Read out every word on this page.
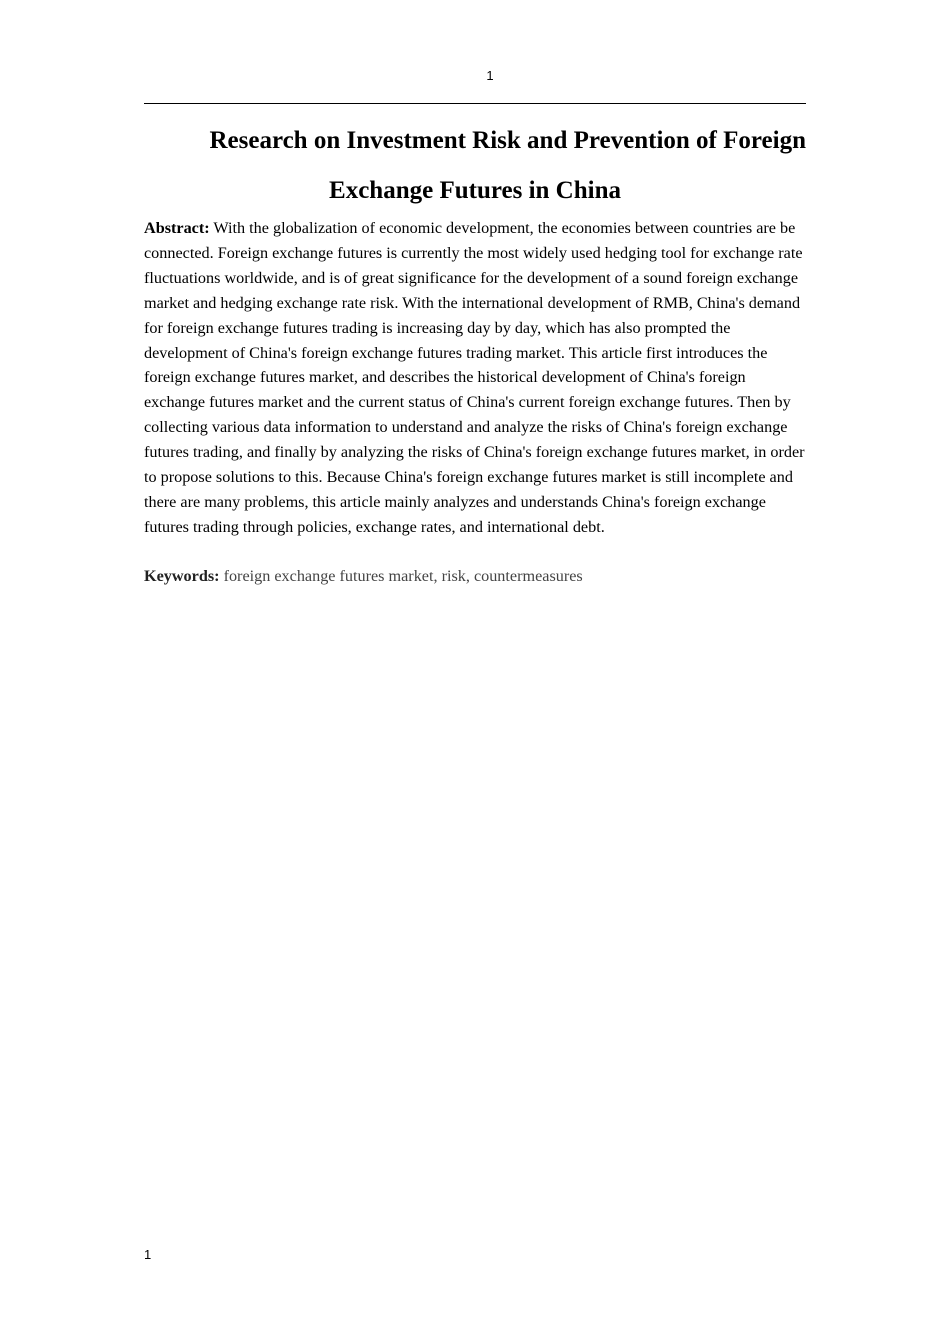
1
Research on Investment Risk and Prevention of Foreign
Exchange Futures in China

Abstract: With the globalization of economic development, the economies between countries are be connected. Foreign exchange futures is currently the most widely used hedging tool for exchange rate fluctuations worldwide, and is of great significance for the development of a sound foreign exchange market and hedging exchange rate risk. With the international development of RMB, China's demand for foreign exchange futures trading is increasing day by day, which has also prompted the development of China's foreign exchange futures trading market. This article first introduces the foreign exchange futures market, and describes the historical development of China's foreign exchange futures market and the current status of China's current foreign exchange futures. Then by collecting various data information to understand and analyze the risks of China's foreign exchange futures trading, and finally by analyzing the risks of China's foreign exchange futures market, in order to propose solutions to this. Because China's foreign exchange futures market is still incomplete and there are many problems, this article mainly analyzes and understands China's foreign exchange futures trading through policies, exchange rates, and international debt.

Keywords: foreign exchange futures market, risk, countermeasures

1
